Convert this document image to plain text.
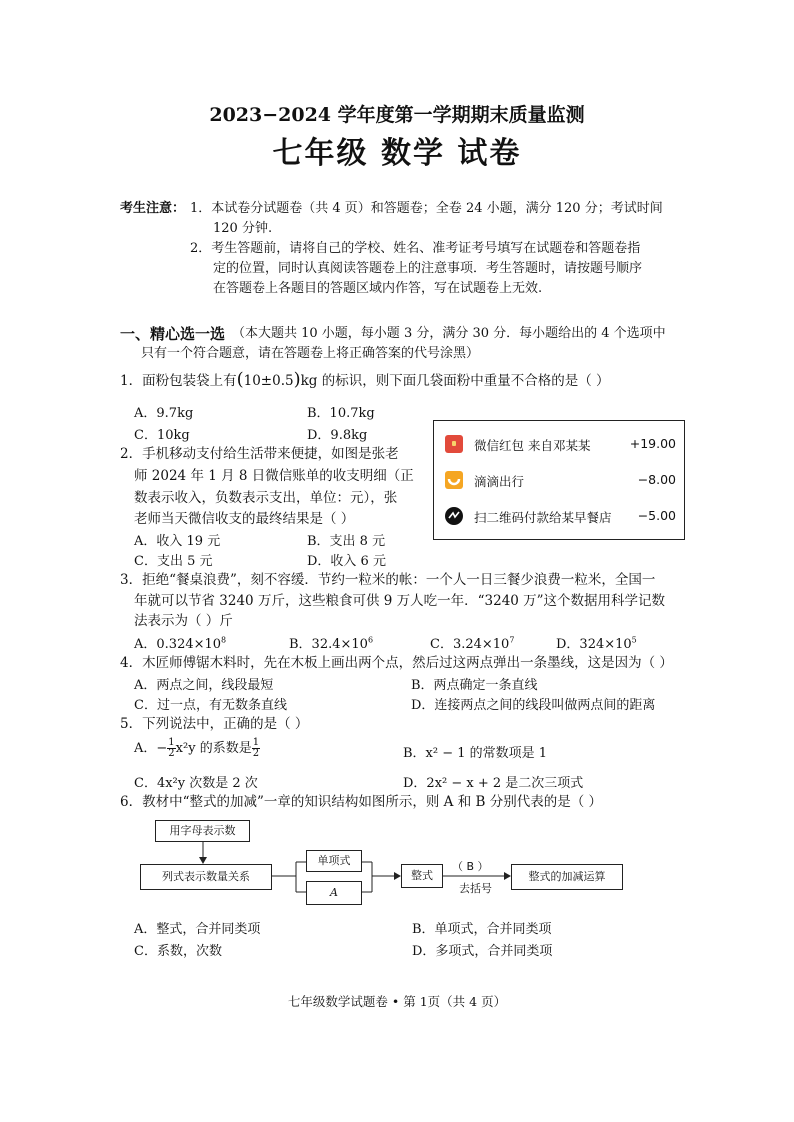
2023−2024 学年度第一学期期末质量监测
七年级 数学 试卷
考生注意： 1．本试卷分试题卷（共 4 页）和答题卷；全卷 24 小题，满分 120 分；考试时间
120 分钟.
2．考生答题前，请将自己的学校、姓名、准考证考号填写在试题卷和答题卷指
定的位置，同时认真阅读答题卷上的注意事项．考生答题时，请按题号顺序
在答题卷上各题目的答题区域内作答，写在试题卷上无效.
一、精心选一选 （本大题共 10 小题，每小题 3 分，满分 30 分．每小题给出的 4 个选项中
只有一个符合题意，请在答题卷上将正确答案的代号涂黑）
1．面粉包装袋上有(10±0.5)kg 的标识，则下面几袋面粉中重量不合格的是（ ）
A．9.7kg	B．10.7kg
C．10kg	D．9.8kg
2．手机移动支付给生活带来便捷，如图是张老
师 2024 年 1 月 8 日微信账单的收支明细（正
数表示收入，负数表示支出，单位：元），张
老师当天微信收支的最终结果是（ ）
A．收入 19 元	B．支出 8 元
C．支出 5 元	D．收入 6 元
微信红包 来自邓某某	+19.00
滴滴出行	−8.00
扫二维码付款给某早餐店 −5.00
3．拒绝“餐桌浪费”，刻不容缓．节约一粒米的帐：一个人一日三餐少浪费一粒米，全国一
年就可以节省 3240 万斤，这些粮食可供 9 万人吃一年．“3240 万”这个数据用科学记数
法表示为（ ）斤
A．$0.324\times 10^8$	B．$32.4\times 10^6$	C．$3.24\times 10^7$	D．$324\times 10^5$
4．木匠师傅锯木料时，先在木板上画出两个点，然后过这两点弹出一条墨线，这是因为（ ）
A．两点之间，线段最短	B．两点确定一条直线
C．过一点，有无数条直线	D．连接两点之间的线段叫做两点间的距离
5．下列说法中，正确的是（ ）
A．− $\frac{1}{2} x^2y$ 的系数是 $\frac{1}{2}$	B．x² − 1 的常数项是 1
C．4x²y 次数是 2 次	D．2x² − x + 2 是二次三项式
6．教材中“整式的加减”一章的知识结构如图所示，则 A 和 B 分别代表的是（ ）
用字母表示数
列式表示数量关系
单项式
A
整式
（ B ）
去括号
整式的加减运算
A．整式，合并同类项	B．单项式，合并同类项
C．系数，次数	D．多项式，合并同类项
七年级数学试题卷 • 第 1页（共 4 页）
